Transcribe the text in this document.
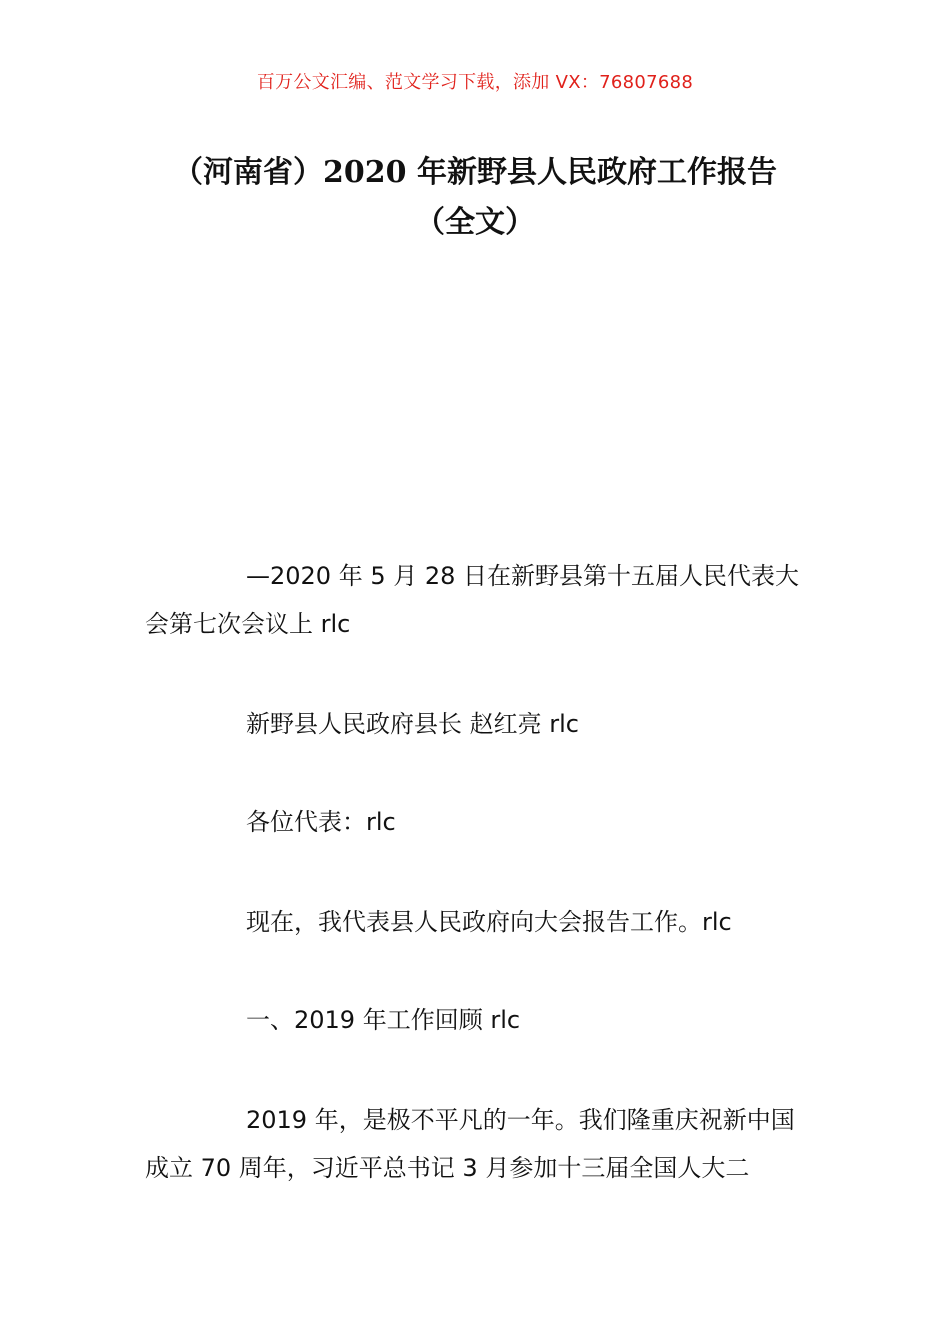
百万公文汇编、范文学习下载，添加 VX：76807688
（河南省）2020 年新野县人民政府工作报告（全文）
—2020 年 5 月 28 日在新野县第十五届人民代表大会第七次会议上 rlc
新野县人民政府县长 赵红亮 rlc
各位代表：rlc
现在，我代表县人民政府向大会报告工作。rlc
一、2019 年工作回顾 rlc
2019 年，是极不平凡的一年。我们隆重庆祝新中国成立 70 周年，习近平总书记 3 月参加十三届全国人大二
